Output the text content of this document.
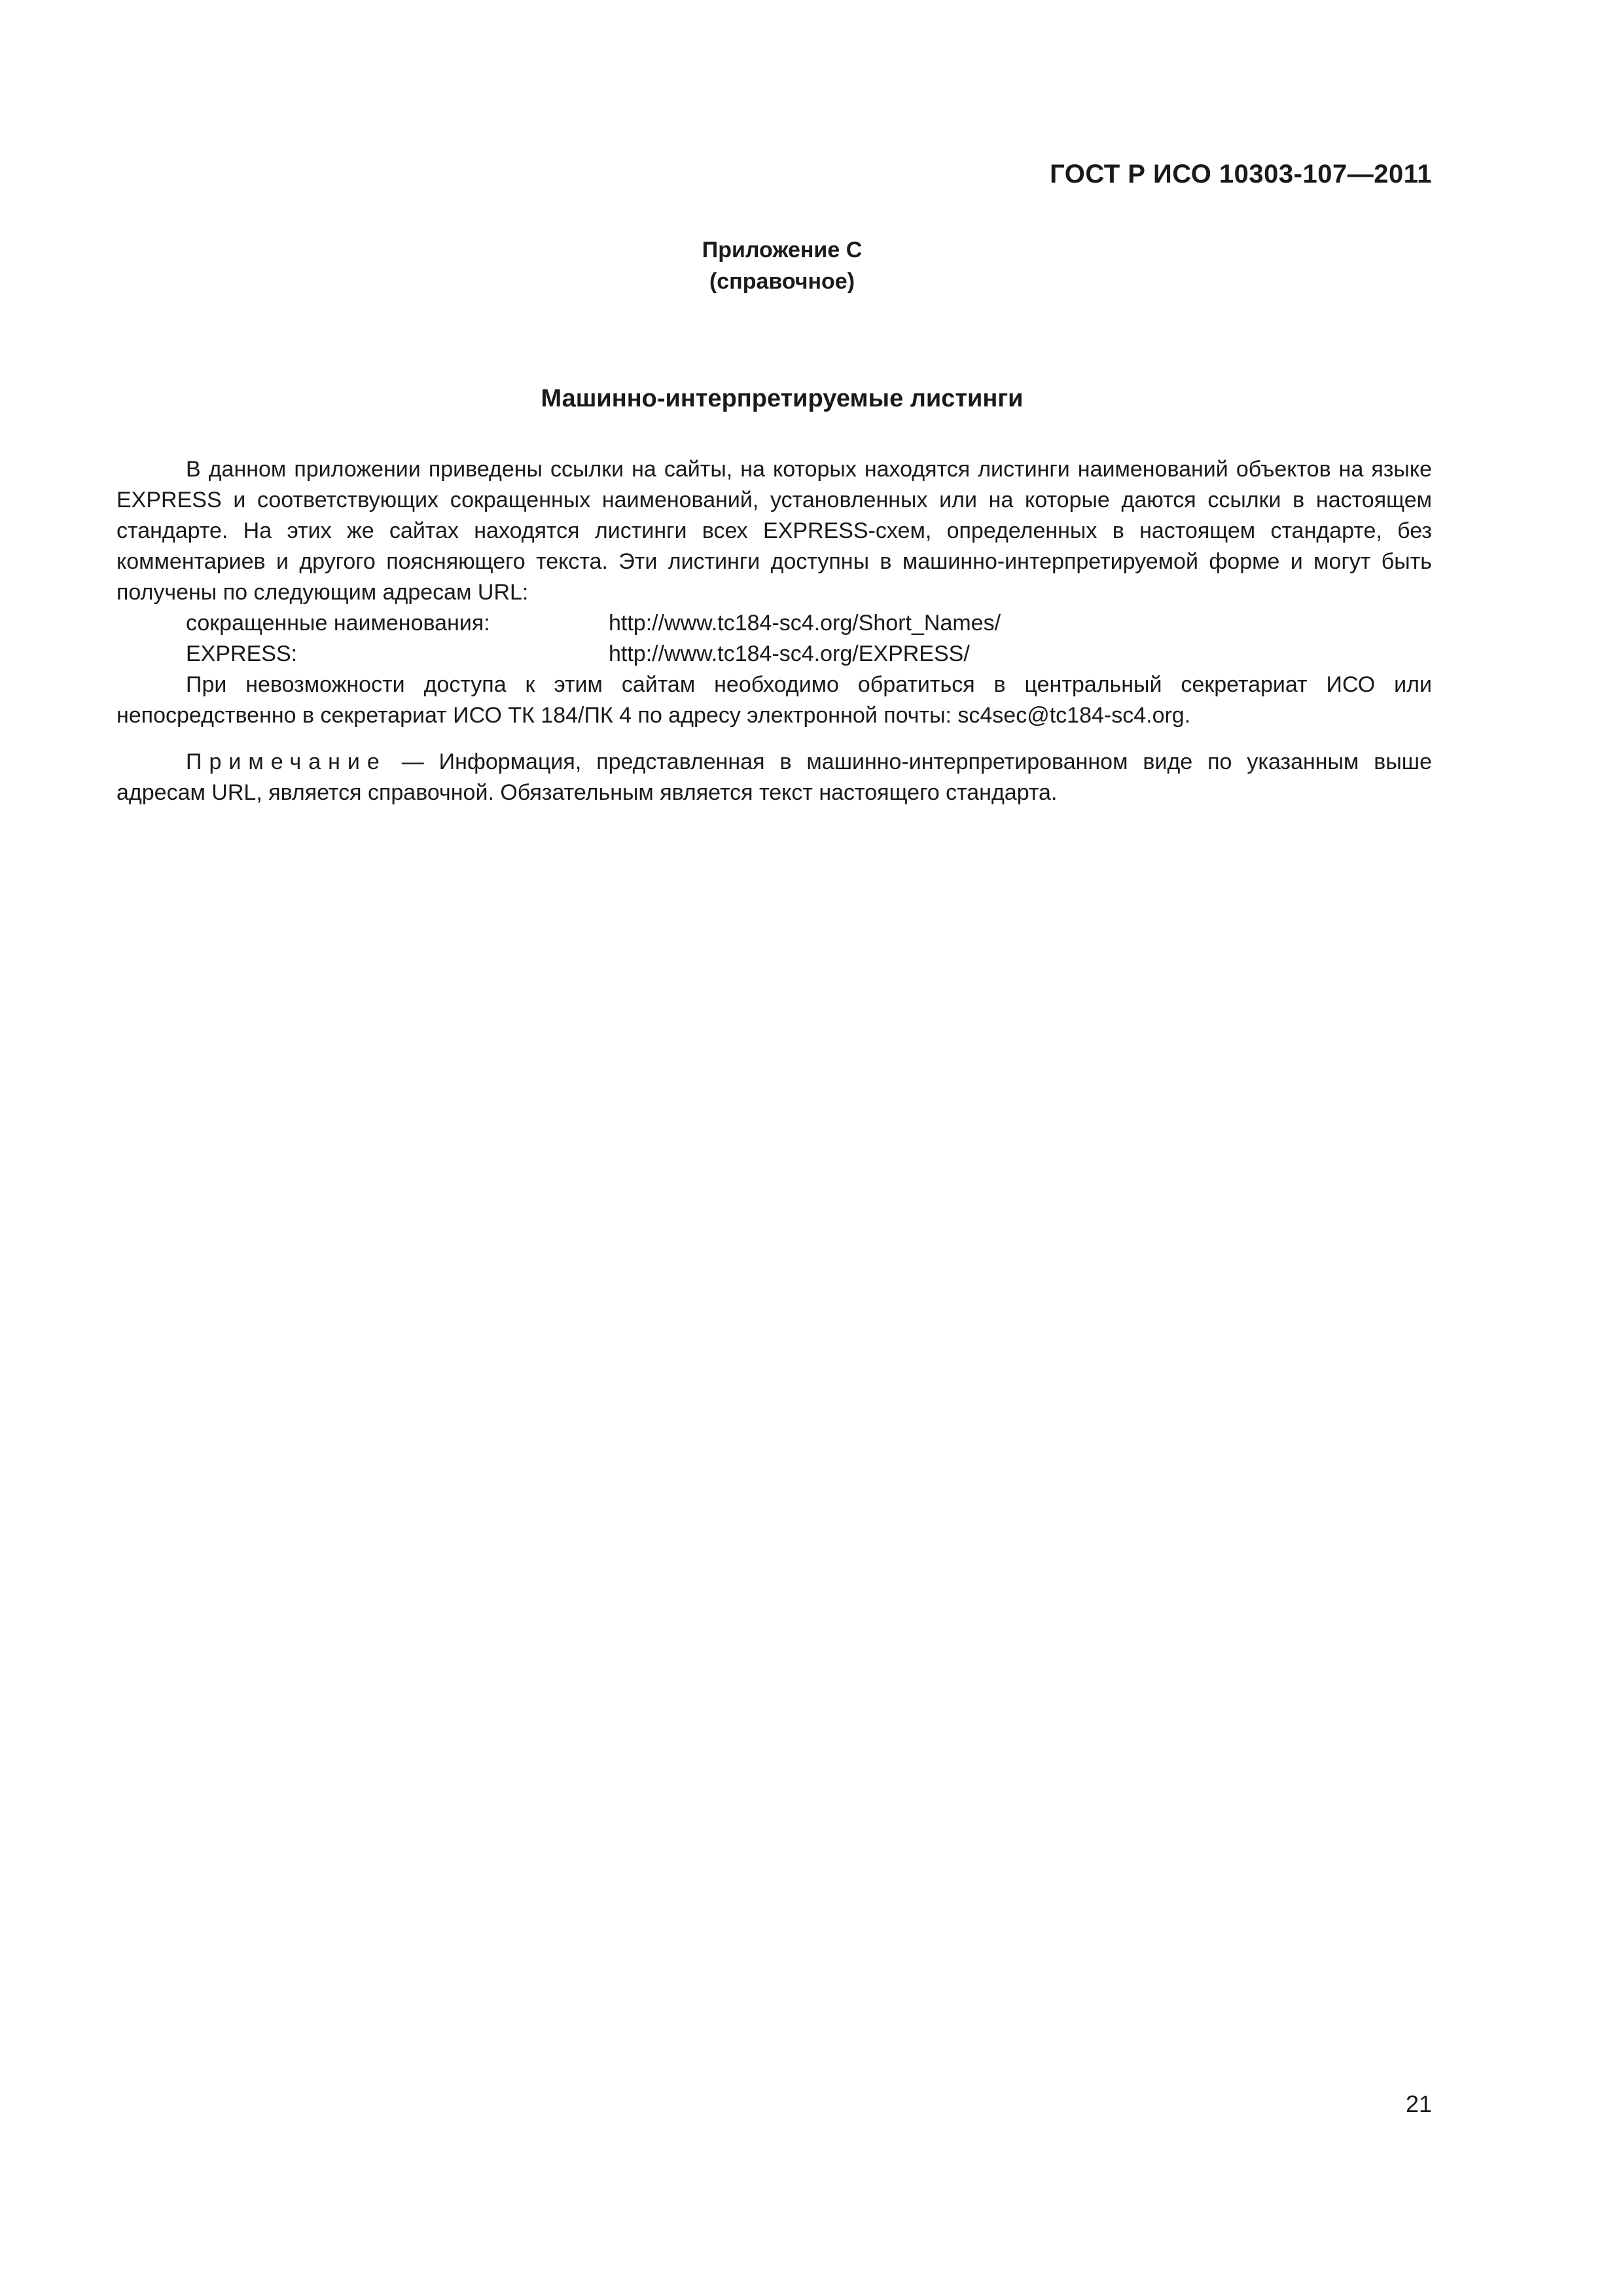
ГОСТ Р ИСО 10303-107—2011
Приложение С
(справочное)
Машинно-интерпретируемые листинги

В данном приложении приведены ссылки на сайты, на которых находятся листинги наименований объектов на языке EXPRESS и соответствующих сокращенных наименований, установленных или на которые даются ссылки в настоящем стандарте. На этих же сайтах находятся листинги всех EXPRESS-схем, определенных в настоящем стандарте, без комментариев и другого поясняющего текста. Эти листинги доступны в машинно-интерпретируемой форме и могут быть получены по следующим адресам URL:

сокращенные наименования:	http://www.tc184-sc4.org/Short_Names/
EXPRESS:	http://www.tc184-sc4.org/EXPRESS/

При невозможности доступа к этим сайтам необходимо обратиться в центральный секретариат ИСО или непосредственно в секретариат ИСО ТК 184/ПК 4 по адресу электронной почты: sc4sec@tc184-sc4.org.

Примечание — Информация, представленная в машинно-интерпретированном виде по указанным выше адресам URL, является справочной. Обязательным является текст настоящего стандарта.

21
